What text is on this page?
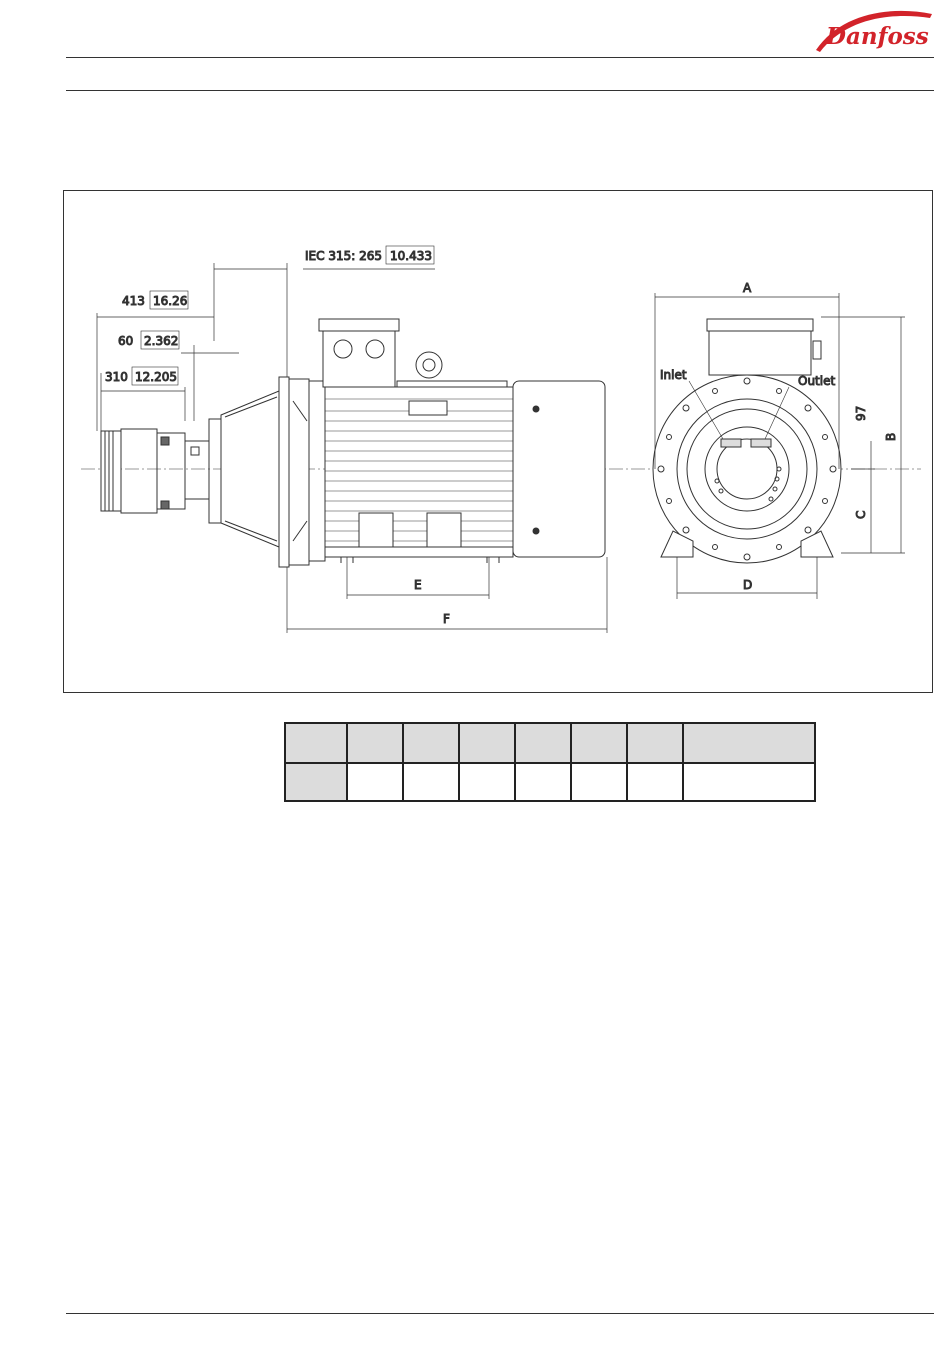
Danfoss
IEC 315: 265 10.433
413 16.26
60 2.362
310 12.205
E
F
A
D
Inlet	Outlet
B
C
97
